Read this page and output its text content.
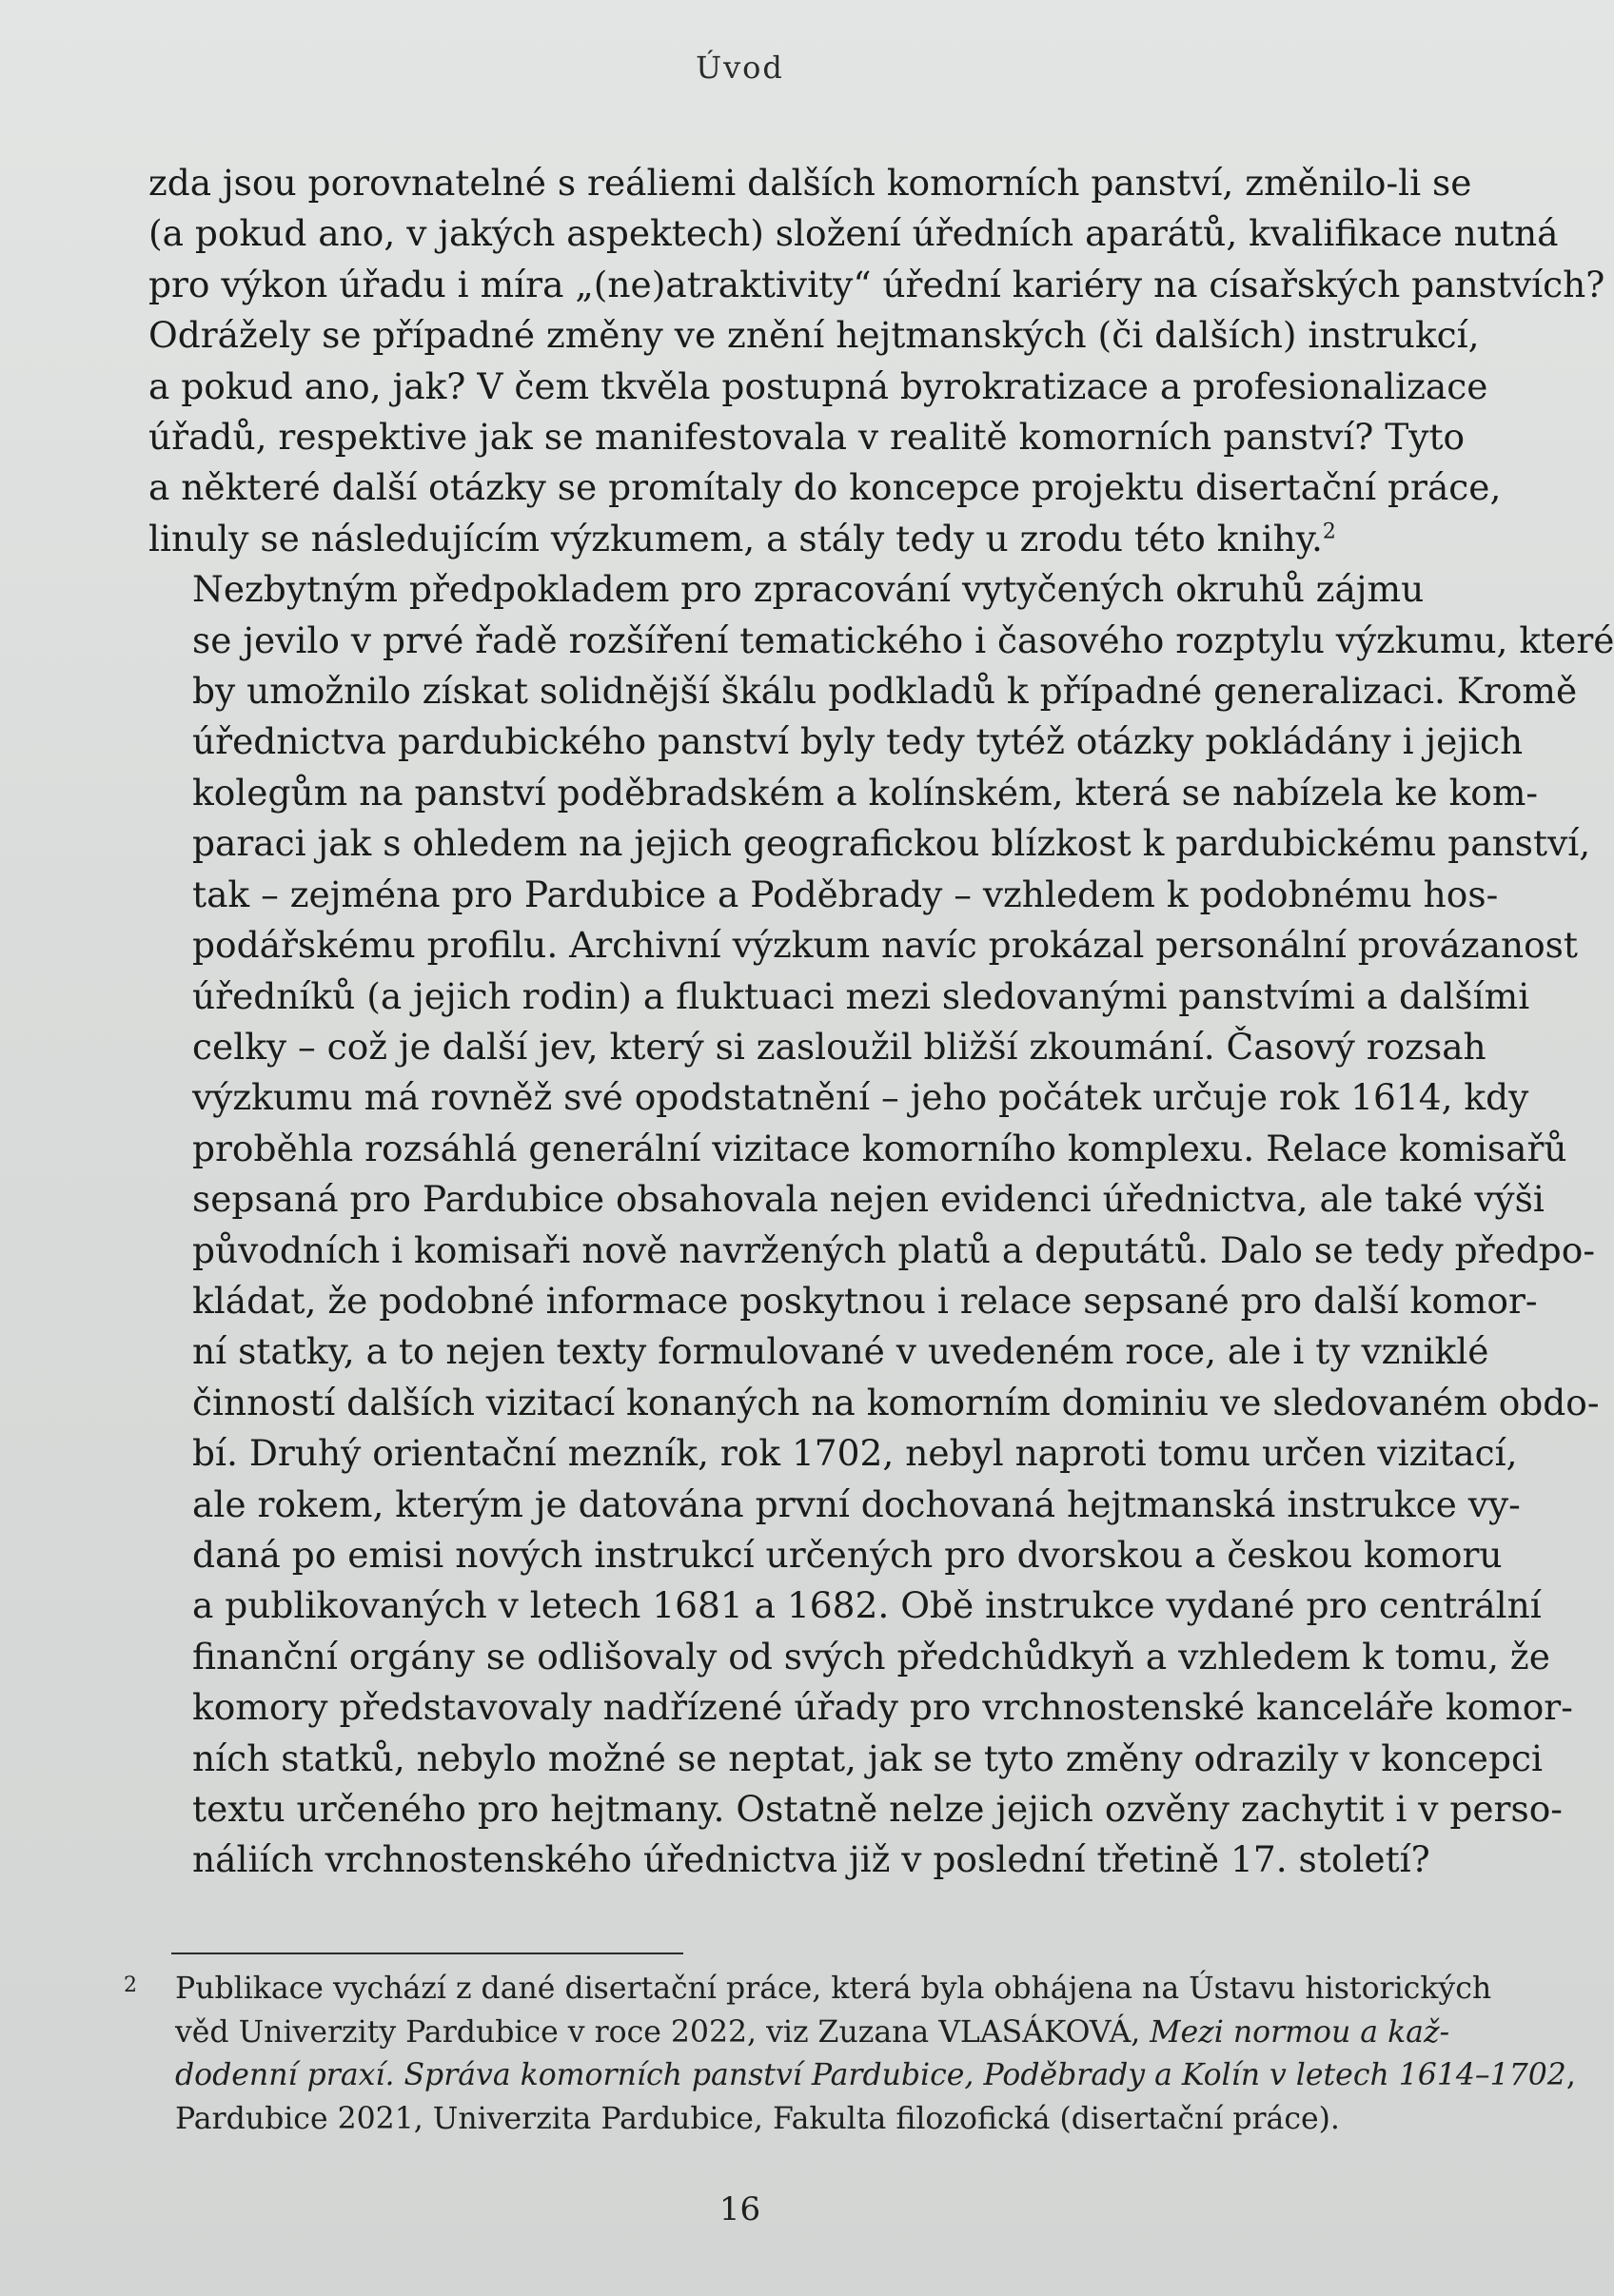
Úvod

zda jsou porovnatelné s reáliemi dalších komorních panství, změnilo-li se
(a pokud ano, v jakých aspektech) složení úředních aparátů, kvalifikace nutná
pro výkon úřadu i míra „(ne)atraktivity“ úřední kariéry na císařských panstvích?
Odrážely se případné změny ve znění hejtmanských (či dalších) instrukcí,
a pokud ano, jak? V čem tkvěla postupná byrokratizace a profesionalizace
úřadů, respektive jak se manifestovala v realitě komorních panství? Tyto
a některé další otázky se promítaly do koncepce projektu disertační práce,
linuly se následujícím výzkumem, a stály tedy u zrodu této knihy.$^2$

Nezbytným předpokladem pro zpracování vytyčených okruhů zájmu
se jevilo v prvé řadě rozšíření tematického i časového rozptylu výzkumu, které
by umožnilo získat solidnější škálu podkladů k případné generalizaci. Kromě
úřednictva pardubického panství byly tedy tytéž otázky pokládány i jejich
kolegům na panství poděbradském a kolínském, která se nabízela ke kom-
paraci jak s ohledem na jejich geografickou blízkost k pardubickému panství,
tak – zejména pro Pardubice a Poděbrady – vzhledem k podobnému hos-
podářskému profilu. Archivní výzkum navíc prokázal personální provázanost
úředníků (a jejich rodin) a fluktuaci mezi sledovanými panstvími a dalšími
celky – což je další jev, který si zasloužil bližší zkoumání. Časový rozsah
výzkumu má rovněž své opodstatnění – jeho počátek určuje rok 1614, kdy
proběhla rozsáhlá generální vizitace komorního komplexu. Relace komisařů
sepsaná pro Pardubice obsahovala nejen evidenci úřednictva, ale také výši
původních i komisaři nově navržených platů a deputátů. Dalo se tedy předpo-
kládat, že podobné informace poskytnou i relace sepsané pro další komor-
ní statky, a to nejen texty formulované v uvedeném roce, ale i ty vzniklé
činností dalších vizitací konaných na komorním dominiu ve sledovaném obdo-
bí. Druhý orientační mezník, rok 1702, nebyl naproti tomu určen vizitací,
ale rokem, kterým je datována první dochovaná hejtmanská instrukce vy-
daná po emisi nových instrukcí určených pro dvorskou a českou komoru
a publikovaných v letech 1681 a 1682. Obě instrukce vydané pro centrální
finanční orgány se odlišovaly od svých předchůdkyň a vzhledem k tomu, že
komory představovaly nadřízené úřady pro vrchnostenské kanceláře komor-
ních statků, nebylo možné se neptat, jak se tyto změny odrazily v koncepci
textu určeného pro hejtmany. Ostatně nelze jejich ozvěny zachytit i v perso-
náliích vrchnostenského úřednictva již v poslední třetině 17. století?

2 Publikace vychází z dané disertační práce, která byla obhájena na Ústavu historických
věd Univerzity Pardubice v roce 2022, viz Zuzana VLASÁKOVÁ, Mezi normou a kaž-
dodenní praxí. Správa komorních panství Pardubice, Poděbrady a Kolín v letech 1614–1702,
Pardubice 2021, Univerzita Pardubice, Fakulta filozofická (disertační práce).
16
